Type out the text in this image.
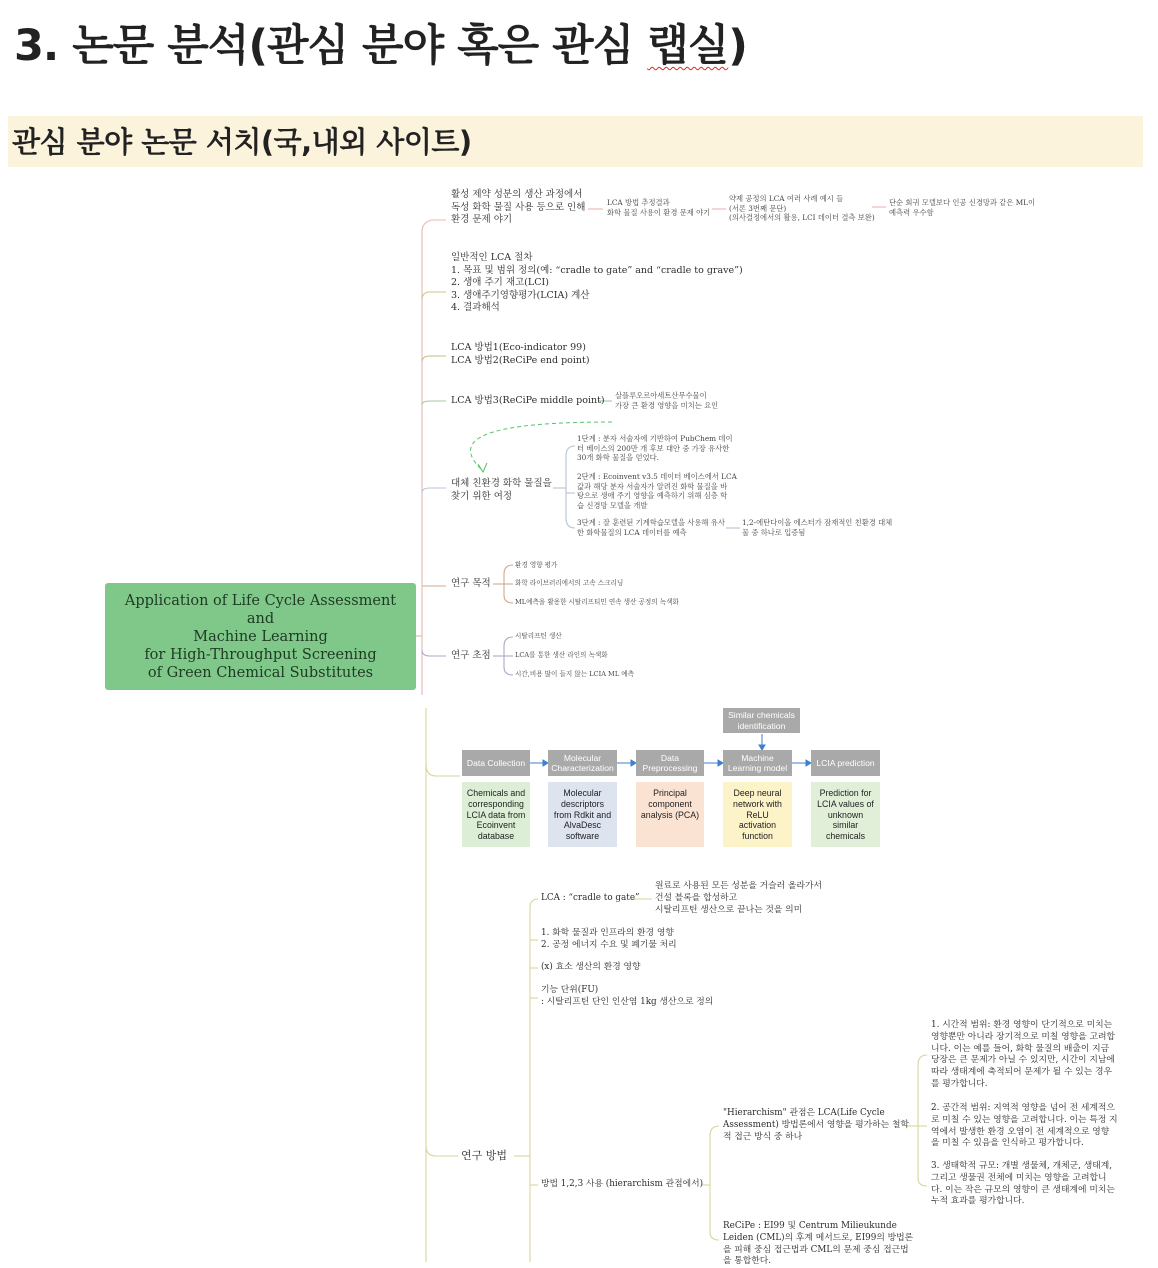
3. 논문 분석(관심 분야 혹은 관심 랩실)
관심 분야 논문 서치(국,내외 사이트)
Application of Life Cycle Assessment
and
Machine Learning
for High-Throughput Screening
of Green Chemical Substitutes

활성 제약 성분의 생산 과정에서
독성 화학 물질 사용 등으로 인해
환경 문제 야기

LCA 방법 추정결과
화학 물질 사용이 환경 문제 야기

약제 공정의 LCA 여러 사례 예시 들
(서론 3번째 문단)
(의사결정에서의 활용, LCI 데이터 결측 보완)

단순 회귀 모델보다 인공 신경망과 같은 ML이
예측력 우수함

일반적인 LCA 절차
1. 목표 및 범위 정의(예: “cradle to gate” and “cradle to grave”)
2. 생애 주기 재고(LCI)
3. 생애주기영향평가(LCIA) 계산
4. 결과해석

LCA 방법1(Eco-indicator 99)
LCA 방법2(ReCiPe end point)

LCA 방법3(ReCiPe middle point) 살플루오르아세트산무수물이
가장 큰 환경 영향을 미치는 요인

대체 친환경 화학 물질을
찾기 위한 여정

1단계 : 분자 서술자에 기반하여 PubChem 데이
터 베이스의 200만 개 후보 대안 중 가장 유사한
30개 화학 물질을 얻었다.

2단계 : Ecoinvent v3.5 데이터 베이스에서 LCA
값과 해당 분자 서술자가 알려진 화학 물질을 바
탕으로 생애 주기 영향을 예측하기 위해 심층 학
습 신경망 모델을 개발

3단계 : 잘 훈련된 기계학습모델을 사용해 유사
한 화학물질의 LCA 데이터를 예측

1,2-에탄다이올 에스터가 잠재적인 친환경 대체
물 중 하나로 입증됨

연구 목적

환경 영향 평가

화학 라이브러리에서의 고속 스크리닝

ML예측을 활용한 시탈리프티민 연속 생산 공정의 녹색화

연구 초점

시탈리프틴 생산

LCA를 통한 생산 라인의 녹색화

시간,비용 많이 들지 않는 LCIA ML 예측

Similar chemicals
identification
Data Collection
Molecular
Characterization
Data
Preprocessing
Machine
Learning model
LCIA prediction
Chemicals and
corresponding
LCIA data from
Ecoinvent
database
Molecular
descriptors
from Rdkit and
AlvaDesc
software
Principal
component
analysis (PCA)
Deep neural
network with
ReLU
activation
function
Prediction for
LCIA values of
unknown
similar
chemicals

연구 방법

LCA : “cradle to gate”

원료로 사용된 모든 성분을 거슬러 올라가서
건설 블록을 합성하고
시탈리프틴 생산으로 끝나는 것을 의미

1. 화학 물질과 인프라의 환경 영향
2. 공정 에너지 수요 및 폐기물 처리

(x) 효소 생산의 환경 영향

기능 단위(FU)
: 시탈리프틴 단인 인산염 1kg 생산으로 정의

방법 1,2,3 사용 (hierarchism 관점에서)

"Hierarchism" 관점은 LCA(Life Cycle
Assessment) 방법론에서 영향을 평가하는 철학
적 접근 방식 중 하나

1. 시간적 범위: 환경 영향이 단기적으로 미치는
영향뿐만 아니라 장기적으로 미칠 영향을 고려합
니다. 이는 예를 들어, 화학 물질의 배출이 지금
당장은 큰 문제가 아닐 수 있지만, 시간이 지남에
따라 생태계에 축적되어 문제가 될 수 있는 경우
를 평가합니다.

2. 공간적 범위: 지역적 영향을 넘어 전 세계적으
로 미칠 수 있는 영향을 고려합니다. 이는 특정 지
역에서 발생한 환경 오염이 전 세계적으로 영향
을 미칠 수 있음을 인식하고 평가합니다.

3. 생태학적 규모: 개별 생물체, 개체군, 생태계,
그리고 생물권 전체에 미치는 영향을 고려합니
다. 이는 작은 규모의 영향이 큰 생태계에 미치는
누적 효과를 평가합니다.

ReCiPe : EI99 및 Centrum Milieukunde
Leiden (CML)의 후계 메서드로, EI99의 방법론
을 피해 중심 접근법과 CML의 문제 중심 접근법
을 통합한다.
